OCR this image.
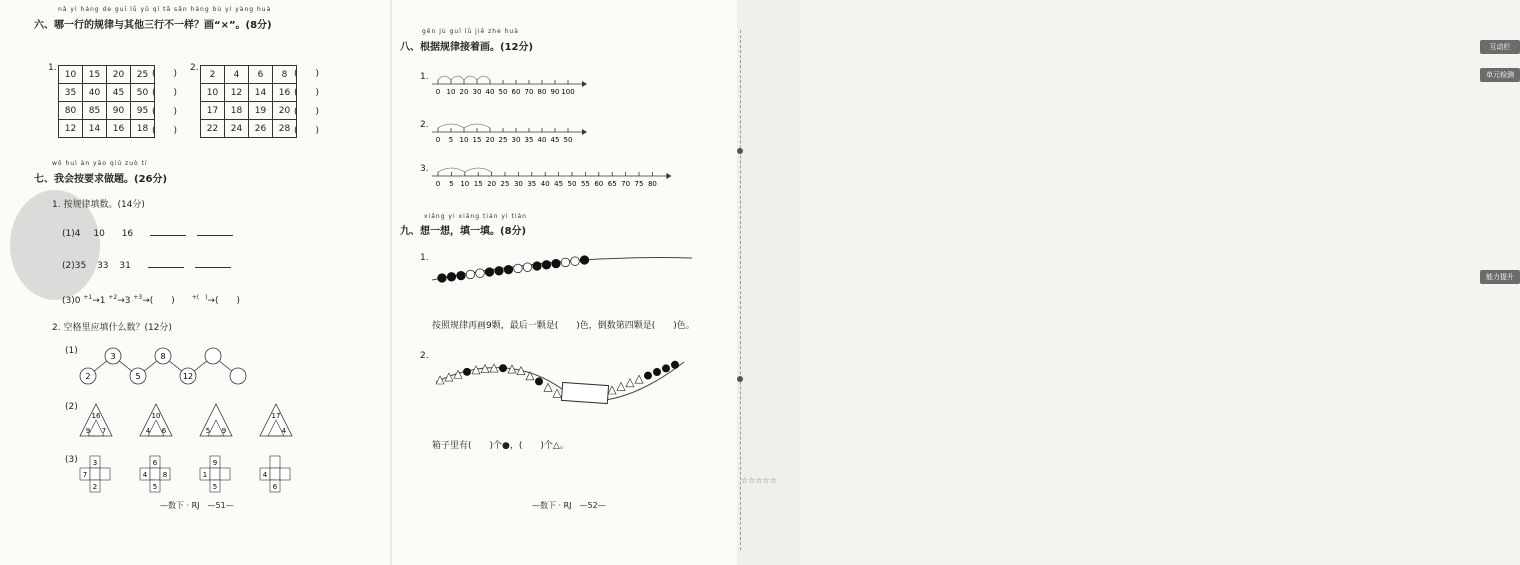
nǎ yì háng de guī lǜ yǔ qí tā sān háng bù yí yàng huà
六、哪一行的规律与其他三行不一样？画“×”。(8分)
1.
10	15	20	25
35	40	45	50
80	85	90	95
12	14	16	18
(　　)
(　　)
(　　)
(　　)
2.
2	4	6	8
10	12	14	16
17	18	19	20
22	24	26	28
(　　)
(　　)
(　　)
(　　)
wǒ huì àn yāo qiú zuò tí
七、我会按要求做题。(26分)
1. 按规律填数。(14分)
(1)4 10 16
(2)35 33 31
(3)0 $^{+1}$→1 $^{+2}$→3 $^{+3}$→(　　)	+(　)→(　　)
2. 空格里应填什么数？(12分)
(1)
2
3
5
8
12
(2)
16
9 7
10
4 6	5 9
17
4
(3) 3
7
2
6
4
5
8
9
1
5
4
6
—数下 · RJ　—51—
gēn jù guī lǜ jiē zhe huà
八、根据规律接着画。(12分)
1.
0 10 20 30 40 50 60 70 80 90 100
2.
0 5 10 15 20 25 30 35 40 45 50
3.
0 5 10 15 20 25 30 35 40 45 50 55 60 65 70 75 80
xiǎng yi xiǎng tián yi tián
九、想一想，填一填。(8分)
1.
按照规律再画9颗，最后一颗是(　　)色，倒数第四颗是(　　)色。
2.
箱子里有(　　)个●，(　　)个△。
—数下 · RJ　—52—
互动栏
单元检测
能力提升
☆☆☆☆☆
